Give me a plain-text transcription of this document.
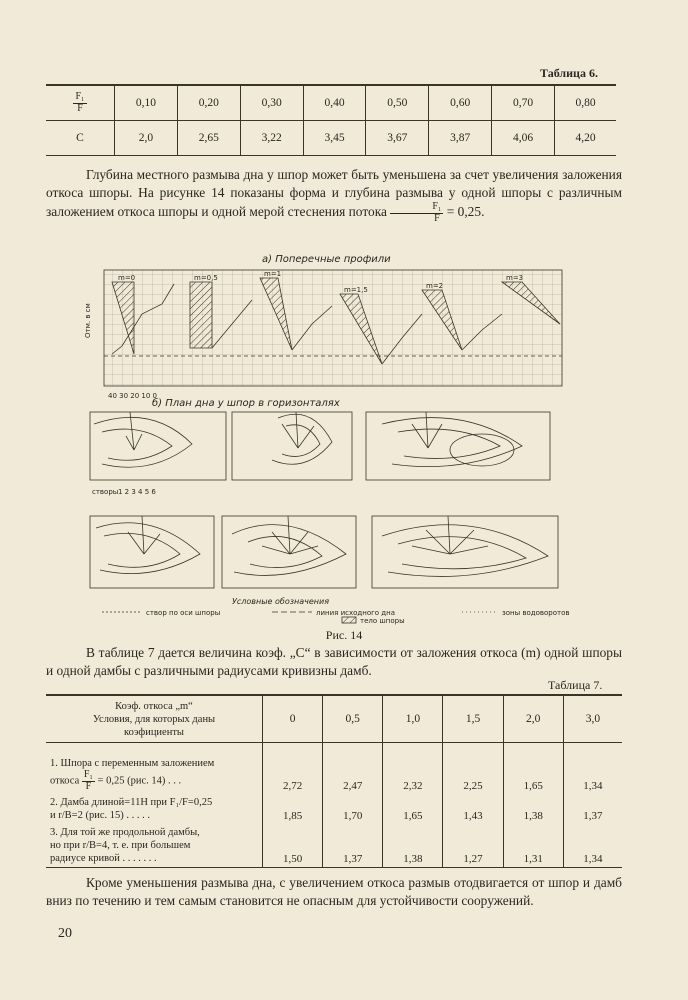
Таблица 6.
$\frac{\text{F₁}}{F}$	0,10	0,20	0,30	0,40	0,50	0,60	0,70	0,80
C	2,0	2,65	3,22	3,45	3,67	3,87	4,06	4,20
Глубина местного размыва дна у шпор может быть уменьшена за счет увеличения заложения откоса шпоры. На рисунке 14 показаны форма и глубина размыва у одной шпоры с различным заложением откоса шпоры и одной мерой стеснения потока $\frac{\text{F₁}}{F} = 0,25$.
а) Поперечные профили
Отм. в см
40 30 20 10 0
m=0	m=0,5	m=1
m=1,5	m=2
m=3
б) План дна у шпор в горизонталях
створы 1 2 3 4 5 6
Условные обозначения
створ по оси шпоры	линия исходного дна
тело шпоры
зоны водоворотов
Рис. 14
В таблице 7 дается величина коэф. „С“ в зависимости от заложения откоса (m) одной шпоры и одной дамбы с различными радиусами кривизны дамб.
Таблица 7.
Коэф. откоса „m“
Условия, для которых даны
коэфициенты	0	0,5	1,0	1,5	2,0	3,0

1. Шпора с переменным заложением
откоса $\frac{\text{F₁}}{F} = 0,25$ (рис. 14) . . .	2,72	2,47	2,32	2,25	1,65	1,34

2. Дамба длиной=11Н при F₁/F=0,25
и r/B=2 (рис. 15) . . . . .	1,85	1,70	1,65	1,43	1,38	1,37

3. Для той же продольной дамбы,
но при r/B=4, т. е. при большем
радиусе кривой . . . . . . .	1,50	1,37	1,38	1,27	1,31	1,34
Кроме уменьшения размыва дна, с увеличением откоса размыв отодвигается от шпор и дамб вниз по течению и тем самым становится не опасным для устойчивости сооружений.
20
